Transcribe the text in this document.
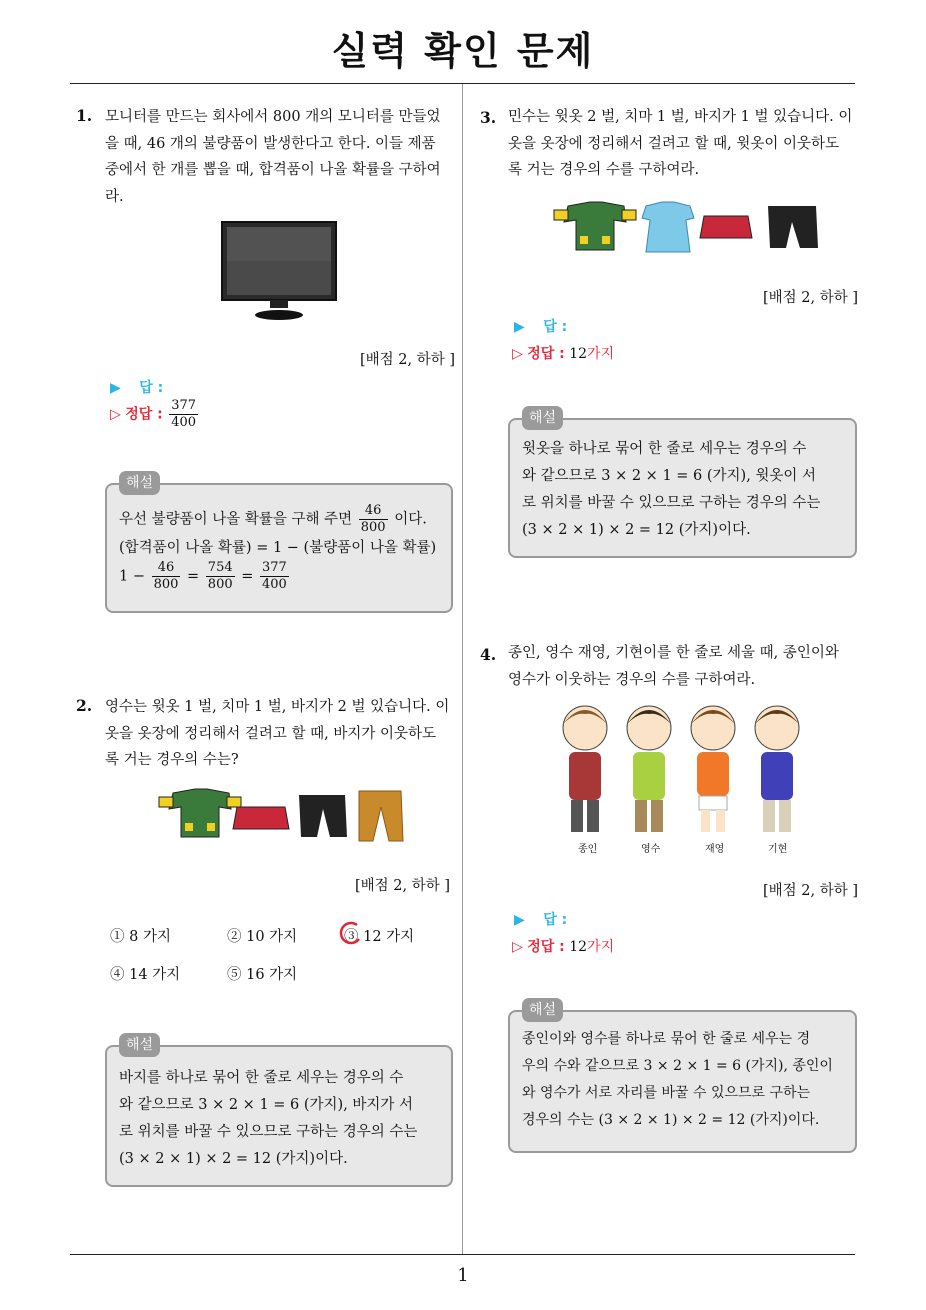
실력 확인 문제
1
1. 모니터를 만드는 회사에서 800 개의 모니터를 만들었
을 때, 46 개의 불량품이 발생한다고 한다. 이들 제품
중에서 한 개를 뽑을 때, 합격품이 나올 확률을 구하여
라.
[배점 2, 하하 ]
▶ 답 :
▷ 정답 : $\frac{377}{400}$
해설
우선 불량품이 나올 확률을 구해 주면 $\frac{46}{800}$ 이다.
(합격품이 나올 확률) = 1 − (불량품이 나올 확률)
$1 - \frac{46}{800} = \frac{754}{800} = \frac{377}{400}$
2. 영수는 윗옷 1 벌, 치마 1 벌, 바지가 2 벌 있습니다. 이
옷을 옷장에 정리해서 걸려고 할 때, 바지가 이웃하도
록 거는 경우의 수는?
[배점 2, 하하 ]
① 8 가지	② 10 가지	③ 12 가지
④ 14 가지	⑤ 16 가지
해설
바지를 하나로 묶어 한 줄로 세우는 경우의 수
와 같으므로 3 × 2 × 1 = 6 (가지), 바지가 서
로 위치를 바꿀 수 있으므로 구하는 경우의 수는
(3 × 2 × 1) × 2 = 12 (가지)이다.
3. 민수는 윗옷 2 벌, 치마 1 벌, 바지가 1 벌 있습니다. 이
옷을 옷장에 정리해서 걸려고 할 때, 윗옷이 이웃하도
록 거는 경우의 수를 구하여라.
[배점 2, 하하 ]
▶ 답 :
▷ 정답 : 12가지
해설
윗옷을 하나로 묶어 한 줄로 세우는 경우의 수
와 같으므로 3 × 2 × 1 = 6 (가지), 윗옷이 서
로 위치를 바꿀 수 있으므로 구하는 경우의 수는
(3 × 2 × 1) × 2 = 12 (가지)이다.
4. 종인, 영수 재영, 기현이를 한 줄로 세울 때, 종인이와
영수가 이웃하는 경우의 수를 구하여라.
종인	영수	재영	기현
[배점 2, 하하 ]
▶ 답 :
▷ 정답 : 12가지
해설
종인이와 영수를 하나로 묶어 한 줄로 세우는 경
우의 수와 같으므로 3 × 2 × 1 = 6 (가지), 종인이
와 영수가 서로 자리를 바꿀 수 있으므로 구하는
경우의 수는 (3 × 2 × 1) × 2 = 12 (가지)이다.
